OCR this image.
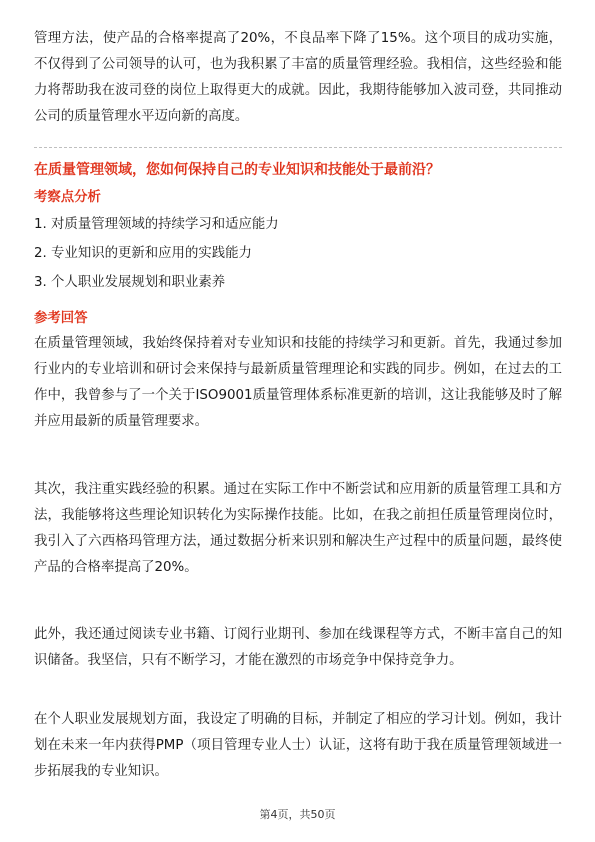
管理方法，使产品的合格率提高了20%，不良品率下降了15%。这个项目的成功实施，不仅得到了公司领导的认可，也为我积累了丰富的质量管理经验。我相信，这些经验和能力将帮助我在波司登的岗位上取得更大的成就。因此，我期待能够加入波司登，共同推动公司的质量管理水平迈向新的高度。

在质量管理领域，您如何保持自己的专业知识和技能处于最前沿？

考察点分析

1. 对质量管理领域的持续学习和适应能力

2. 专业知识的更新和应用的实践能力

3. 个人职业发展规划和职业素养

参考回答

在质量管理领域，我始终保持着对专业知识和技能的持续学习和更新。首先，我通过参加行业内的专业培训和研讨会来保持与最新质量管理理论和实践的同步。例如，在过去的工作中，我曾参与了一个关于ISO9001质量管理体系标准更新的培训，这让我能够及时了解并应用最新的质量管理要求。

其次，我注重实践经验的积累。通过在实际工作中不断尝试和应用新的质量管理工具和方法，我能够将这些理论知识转化为实际操作技能。比如，在我之前担任质量管理岗位时，我引入了六西格玛管理方法，通过数据分析来识别和解决生产过程中的质量问题，最终使产品的合格率提高了20%。

此外，我还通过阅读专业书籍、订阅行业期刊、参加在线课程等方式，不断丰富自己的知识储备。我坚信，只有不断学习，才能在激烈的市场竞争中保持竞争力。

在个人职业发展规划方面，我设定了明确的目标，并制定了相应的学习计划。例如，我计划在未来一年内获得PMP（项目管理专业人士）认证，这将有助于我在质量管理领域进一步拓展我的专业知识。

第4页，共50页
